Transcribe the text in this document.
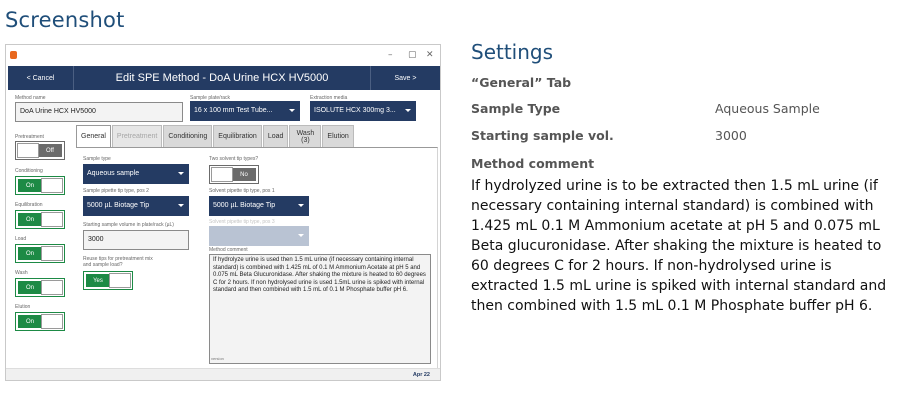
Screenshot
– ▢ ✕
< Cancel	Edit SPE Method - DoA Urine HCX HV5000	Save >
Method name
DoA Urine HCX HV5000
Sample plate/rack
16 x 100 mm Test Tube...
Extraction media
ISOLUTE HCX 300mg 3...
Pretreatment
Off
Conditioning
On
Equilibration
On
Load
On
Wash
On
Elution
On
General	Pretreatment	Conditioning	Equilibration	Load	Wash (3)	Elution
Sample type
Aqueous sample
Sample pipette tip type, pos 2
5000 µL Biotage Tip
Starting sample volume in plate/rack (µL)
3000
Reuse tips for pretreatment mix and sample load?
Yes
Two solvent tip types?
No
Solvent pipette tip type, pos 1
5000 µL Biotage Tip
Solvent pipette tip type, pos 3
Method comment
If hydrolyze urine is used then 1.5 mL urine (if necessary containing internal standard) is combined with 1.425 mL of 0.1 M Ammonium Acetate at pH 5 and 0.075 mL Beta Glucuronidase. After shaking the mixture is heated to 60 degrees C for 2 hours. If non hydrolysed urine is used 1.5mL urine is spiked with internal standard and then combined with 1.5 mL of 0.1 M Phosphate buffer pH 6.
version
Apr 22
Settings
“General” Tab
Sample Type	Aqueous Sample
Starting sample vol.	3000
Method comment
If hydrolyzed urine is to be extracted then 1.5 mL urine (if necessary containing internal standard) is combined with 1.425 mL 0.1 M Ammonium acetate at pH 5 and 0.075 mL Beta glucuronidase. After shaking the mixture is heated to 60 degrees C for 2 hours. If non-hydrolysed urine is extracted 1.5 mL urine is spiked with internal standard and then combined with 1.5 mL 0.1 M Phosphate buffer pH 6.
